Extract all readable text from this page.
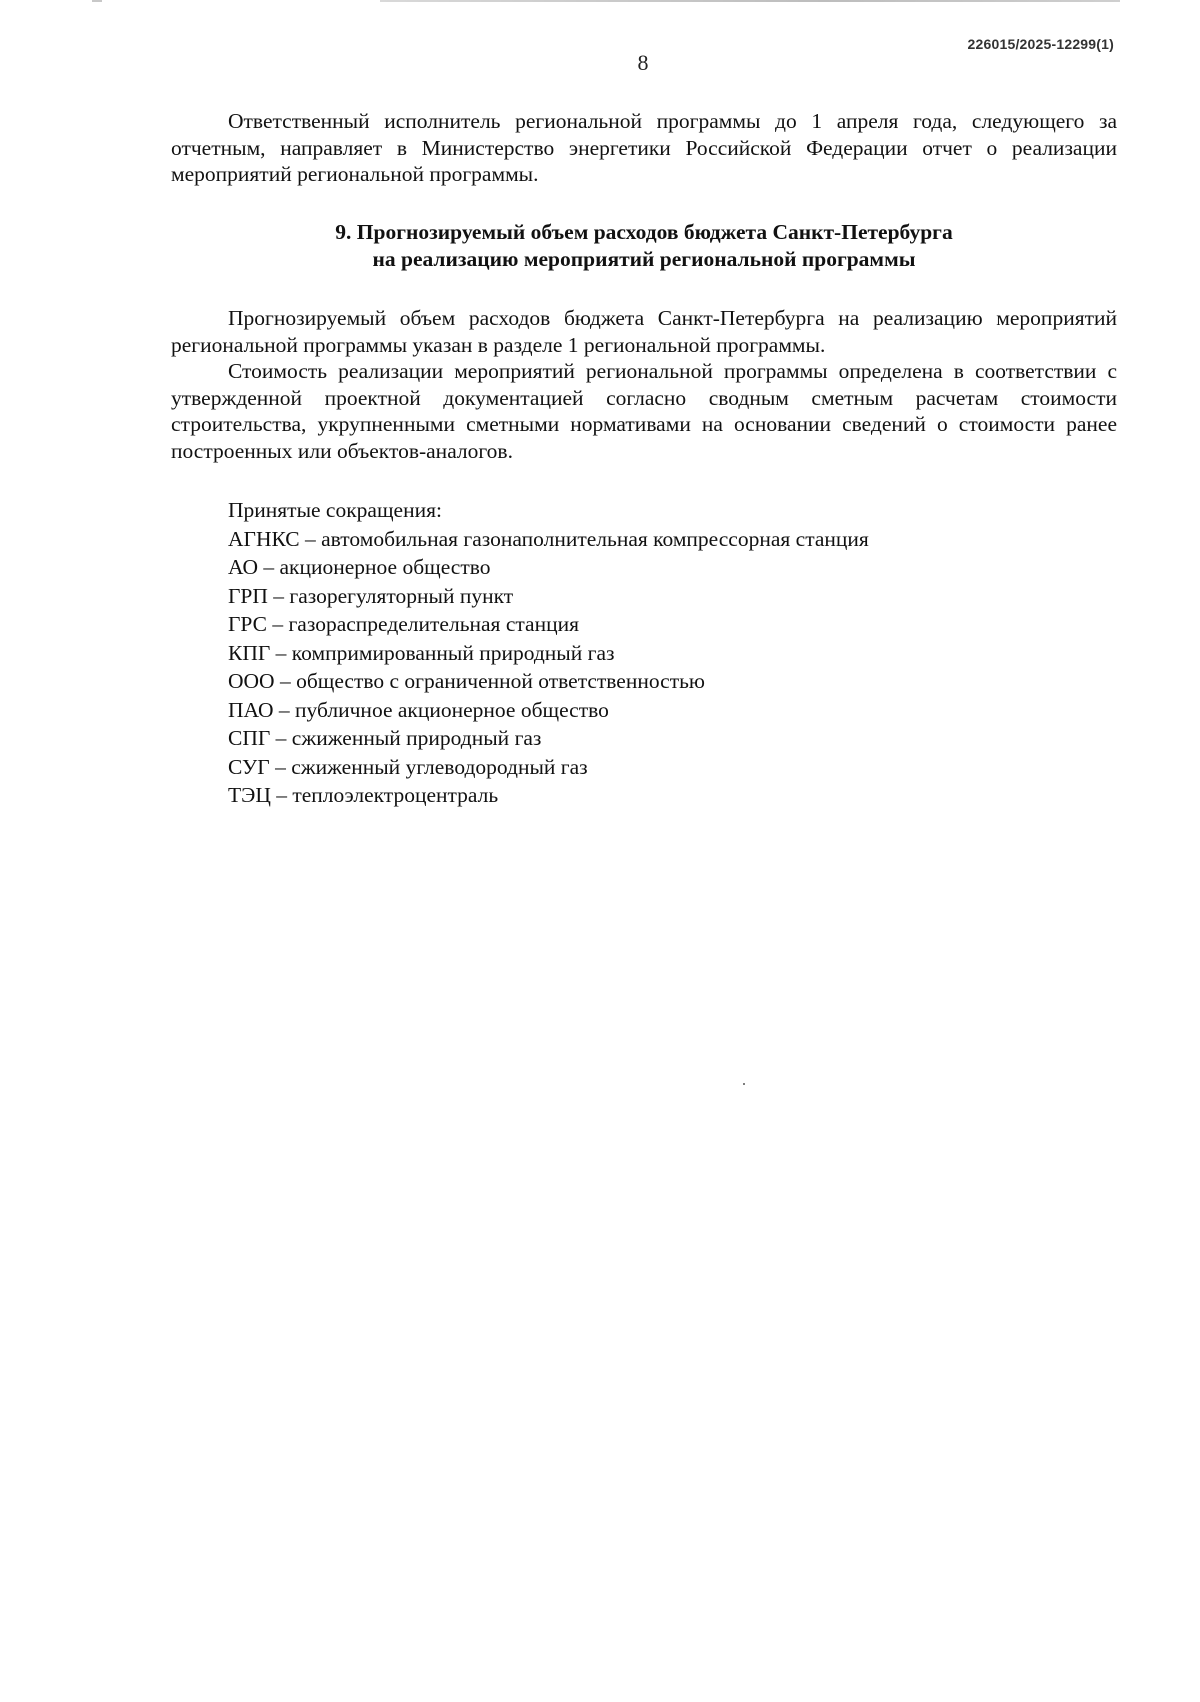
226015/2025-12299(1)
8

Ответственный исполнитель региональной программы до 1 апреля года, следующего за отчетным, направляет в Министерство энергетики Российской Федерации отчет о реализации мероприятий региональной программы.

9. Прогнозируемый объем расходов бюджета Санкт-Петербурга
на реализацию мероприятий региональной программы

Прогнозируемый объем расходов бюджета Санкт-Петербурга на реализацию мероприятий региональной программы указан в разделе 1 региональной программы.

Стоимость реализации мероприятий региональной программы определена в соответствии с утвержденной проектной документацией согласно сводным сметным расчетам стоимости строительства, укрупненными сметными нормативами на основании сведений о стоимости ранее построенных или объектов-аналогов.

Принятые сокращения:
АГНКС – автомобильная газонаполнительная компрессорная станция
АО – акционерное общество
ГРП – газорегуляторный пункт
ГРС – газораспределительная станция
КПГ – компримированный природный газ
ООО – общество с ограниченной ответственностью
ПАО – публичное акционерное общество
СПГ – сжиженный природный газ
СУГ – сжиженный углеводородный газ
ТЭЦ – теплоэлектроцентраль
